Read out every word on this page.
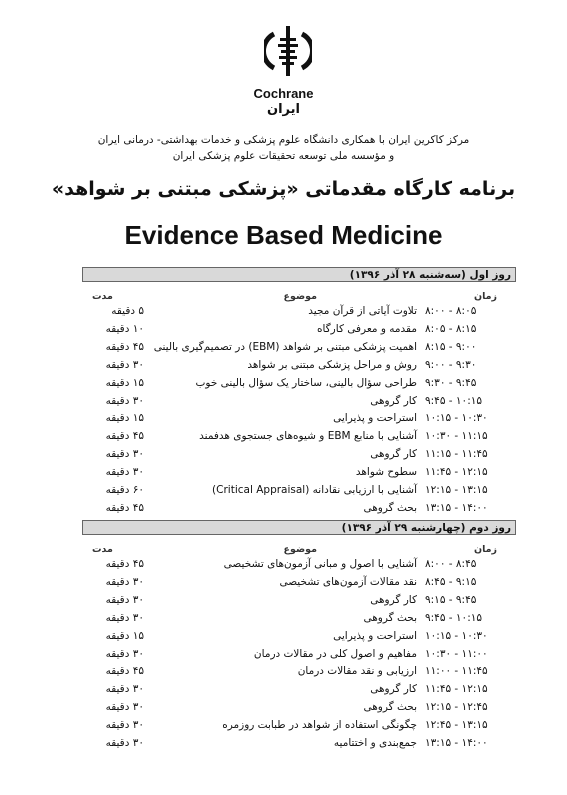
Cochrane
ایران
مرکز کاکرین ایران با همکاری دانشگاه علوم پزشکی و خدمات بهداشتی- درمانی ایران
و مؤسسه ملی توسعه تحقیقات علوم پزشکی ایران
برنامه کارگاه مقدماتی «پزشکی مبتنی بر شواهد»
Evidence Based Medicine
روز اول (سه‌شنبه ۲۸ آذر ۱۳۹۶)
زمان
موضوع
مدت
۸:۰۰ - ۸:۰۵
تلاوت آیاتی از قرآن مجید
۵ دقیقه
۸:۰۵ - ۸:۱۵
مقدمه و معرفی کارگاه
۱۰ دقیقه
۸:۱۵ - ۹:۰۰
اهمیت پزشکی مبتنی بر شواهد (EBM) در تصمیم‌گیری بالینی
۴۵ دقیقه
۹:۰۰ - ۹:۳۰
روش و مراحل پزشکی مبتنی بر شواهد
۳۰ دقیقه
۹:۳۰ - ۹:۴۵
طراحی سؤال بالینی، ساختار یک سؤال بالینی خوب
۱۵ دقیقه
۹:۴۵ - ۱۰:۱۵
کار گروهی
۳۰ دقیقه
۱۰:۱۵ - ۱۰:۳۰
استراحت و پذیرایی
۱۵ دقیقه
۱۰:۳۰ - ۱۱:۱۵
آشنایی با منابع EBM و شیوه‌های جستجوی هدفمند
۴۵ دقیقه
۱۱:۱۵ - ۱۱:۴۵
کار گروهی
۳۰ دقیقه
۱۱:۴۵ - ۱۲:۱۵
سطوح شواهد
۳۰ دقیقه
۱۲:۱۵ - ۱۳:۱۵
آشنایی با ارزیابی نقادانه (Critical Appraisal)
۶۰ دقیقه
۱۳:۱۵ - ۱۴:۰۰
بحث گروهی
۴۵ دقیقه
روز دوم (چهارشنبه ۲۹ آذر ۱۳۹۶)
زمان
موضوع
مدت
۸:۰۰ - ۸:۴۵
آشنایی با اصول و مبانی آزمون‌های تشخیصی
۴۵ دقیقه
۸:۴۵ - ۹:۱۵
نقد مقالات آزمون‌های تشخیصی
۳۰ دقیقه
۹:۱۵ - ۹:۴۵
کار گروهی
۳۰ دقیقه
۹:۴۵ - ۱۰:۱۵
بحث گروهی
۳۰ دقیقه
۱۰:۱۵ - ۱۰:۳۰
استراحت و پذیرایی
۱۵ دقیقه
۱۰:۳۰ - ۱۱:۰۰
مفاهیم و اصول کلی در مقالات درمان
۳۰ دقیقه
۱۱:۰۰ - ۱۱:۴۵
ارزیابی و نقد مقالات درمان
۴۵ دقیقه
۱۱:۴۵ - ۱۲:۱۵
کار گروهی
۳۰ دقیقه
۱۲:۱۵ - ۱۲:۴۵
بحث گروهی
۳۰ دقیقه
۱۲:۴۵ - ۱۳:۱۵
چگونگی استفاده از شواهد در طبابت روزمره
۳۰ دقیقه
۱۳:۱۵ - ۱۴:۰۰
جمع‌بندی و اختتامیه
۳۰ دقیقه
